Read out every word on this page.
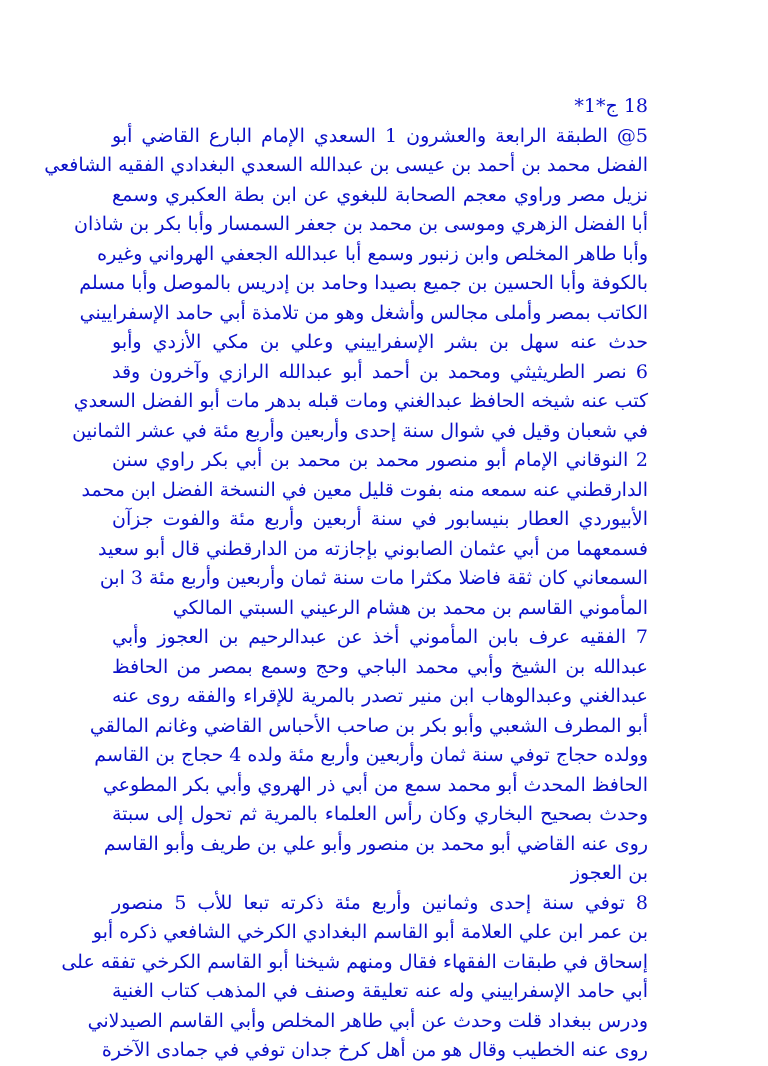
18 ج*1*
5@ الطبقة الرابعة والعشرون 1 السعدي الإمام البارع القاضي أبو
الفضل محمد بن أحمد بن عيسى بن عبدالله السعدي البغدادي الفقيه الشافعي
نزيل مصر وراوي معجم الصحابة للبغوي عن ابن بطة العكبري وسمع
أبا الفضل الزهري وموسى بن محمد بن جعفر السمسار وأبا بكر بن شاذان
وأبا طاهر المخلص وابن زنبور وسمع أبا عبدالله الجعفي الهرواني وغيره
بالكوفة وأبا الحسين بن جميع بصيدا وحامد بن إدريس بالموصل وأبا مسلم
الكاتب بمصر وأملى مجالس وأشغل وهو من تلامذة أبي حامد الإسفراييني
حدث عنه سهل بن بشر الإسفراييني وعلي بن مكي الأزدي وأبو
6 نصر الطريثيثي ومحمد بن أحمد أبو عبدالله الرازي وآخرون وقد
كتب عنه شيخه الحافظ عبدالغني ومات قبله بدهر مات أبو الفضل السعدي
في شعبان وقيل في شوال سنة إحدى وأربعين وأربع مئة في عشر الثمانين
2 النوقاني الإمام أبو منصور محمد بن محمد بن أبي بكر راوي سنن
الدارقطني عنه سمعه منه بفوت قليل معين في النسخة الفضل ابن محمد
الأبيوردي العطار بنيسابور في سنة أربعين وأربع مئة والفوت جزآن
فسمعهما من أبي عثمان الصابوني بإجازته من الدارقطني قال أبو سعيد
السمعاني كان ثقة فاضلا مكثرا مات سنة ثمان وأربعين وأربع مئة 3 ابن
المأموني القاسم بن محمد بن هشام الرعيني السبتي المالكي
7 الفقيه عرف بابن المأموني أخذ عن عبدالرحيم بن العجوز وأبي
عبدالله بن الشيخ وأبي محمد الباجي وحج وسمع بمصر من الحافظ
عبدالغني وعبدالوهاب ابن منير تصدر بالمرية للإقراء والفقه روى عنه
أبو المطرف الشعبي وأبو بكر بن صاحب الأحباس القاضي وغانم المالقي
وولده حجاج توفي سنة ثمان وأربعين وأربع مئة ولده 4 حجاج بن القاسم
الحافظ المحدث أبو محمد سمع من أبي ذر الهروي وأبي بكر المطوعي
وحدث بصحيح البخاري وكان رأس العلماء بالمرية ثم تحول إلى سبتة
روى عنه القاضي أبو محمد بن منصور وأبو علي بن طريف وأبو القاسم
بن العجوز
8 توفي سنة إحدى وثمانين وأربع مئة ذكرته تبعا للأب 5 منصور
بن عمر ابن علي العلامة أبو القاسم البغدادي الكرخي الشافعي ذكره أبو
إسحاق في طبقات الفقهاء فقال ومنهم شيخنا أبو القاسم الكرخي تفقه على
أبي حامد الإسفراييني وله عنه تعليقة وصنف في المذهب كتاب الغنية
ودرس ببغداد قلت وحدث عن أبي طاهر المخلص وأبي القاسم الصيدلاني
روى عنه الخطيب وقال هو من أهل كرخ جدان توفي في جمادى الآخرة
